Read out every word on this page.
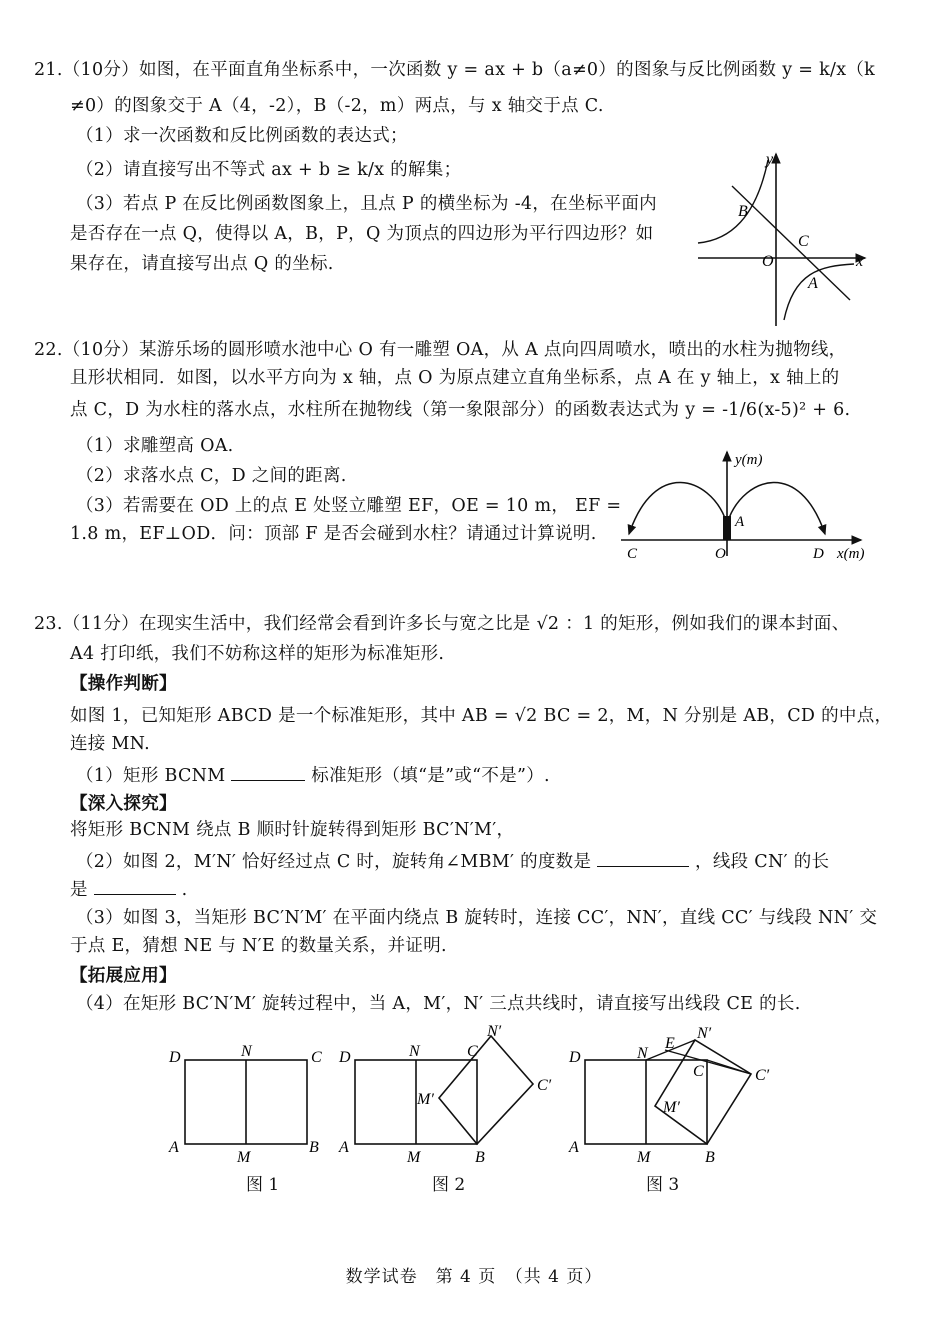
21.（10分）如图，在平面直角坐标系中，一次函数 y = ax + b（a≠0）的图象与反比例函数 y = k/x（k
≠0）的图象交于 A（4，-2），B（-2，m）两点，与 x 轴交于点 C.
（1）求一次函数和反比例函数的表达式；
（2）请直接写出不等式 ax + b ≥ k/x 的解集；
（3）若点 P 在反比例函数图象上，且点 P 的横坐标为 -4，在坐标平面内
是否存在一点 Q，使得以 A，B，P，Q 为顶点的四边形为平行四边形？如
果存在，请直接写出点 Q 的坐标.
y
x
O
B
C
A
22.（10分）某游乐场的圆形喷水池中心 O 有一雕塑 OA，从 A 点向四周喷水，喷出的水柱为抛物线，
且形状相同．如图，以水平方向为 x 轴，点 O 为原点建立直角坐标系，点 A 在 y 轴上，x 轴上的
点 C，D 为水柱的落水点，水柱所在抛物线（第一象限部分）的函数表达式为 y = -1/6(x-5)² + 6.
（1）求雕塑高 OA.
（2）求落水点 C，D 之间的距离.
（3）若需要在 OD 上的点 E 处竖立雕塑 EF，OE = 10 m， EF =
1.8 m，EF⊥OD．问：顶部 F 是否会碰到水柱？请通过计算说明.
y(m)
x(m)
O
A
C	D
23.（11分）在现实生活中，我们经常会看到许多长与宽之比是 √2 ：1 的矩形，例如我们的课本封面、
A4 打印纸，我们不妨称这样的矩形为标准矩形.
【操作判断】
如图 1，已知矩形 ABCD 是一个标准矩形，其中 AB = √2 BC = 2，M，N 分别是 AB，CD 的中点，
连接 MN.
（1）矩形 BCNM	标准矩形（填“是”或“不是”）.
【深入探究】
将矩形 BCNM 绕点 B 顺时针旋转得到矩形 BC′N′M′，
（2）如图 2，M′N′ 恰好经过点 C 时，旋转角∠MBM′ 的度数是	，线段 CN′ 的长
是	.
（3）如图 3，当矩形 BC′N′M′ 在平面内绕点 B 旋转时，连接 CC′，NN′，直线 CC′ 与线段 NN′ 交
于点 E，猜想 NE 与 N′E 的数量关系，并证明.
【拓展应用】
（4）在矩形 BC′N′M′ 旋转过程中，当 A，M′，N′ 三点共线时，请直接写出线段 CE 的长.
D	N	C
A
M
B
图 1
D	N	C
N′
M′
C′
A
M	B
图 2
D	N
E
N′
C	C′
M′
A
M	B
图 3
数学试卷　第 4 页　（共 4 页）
